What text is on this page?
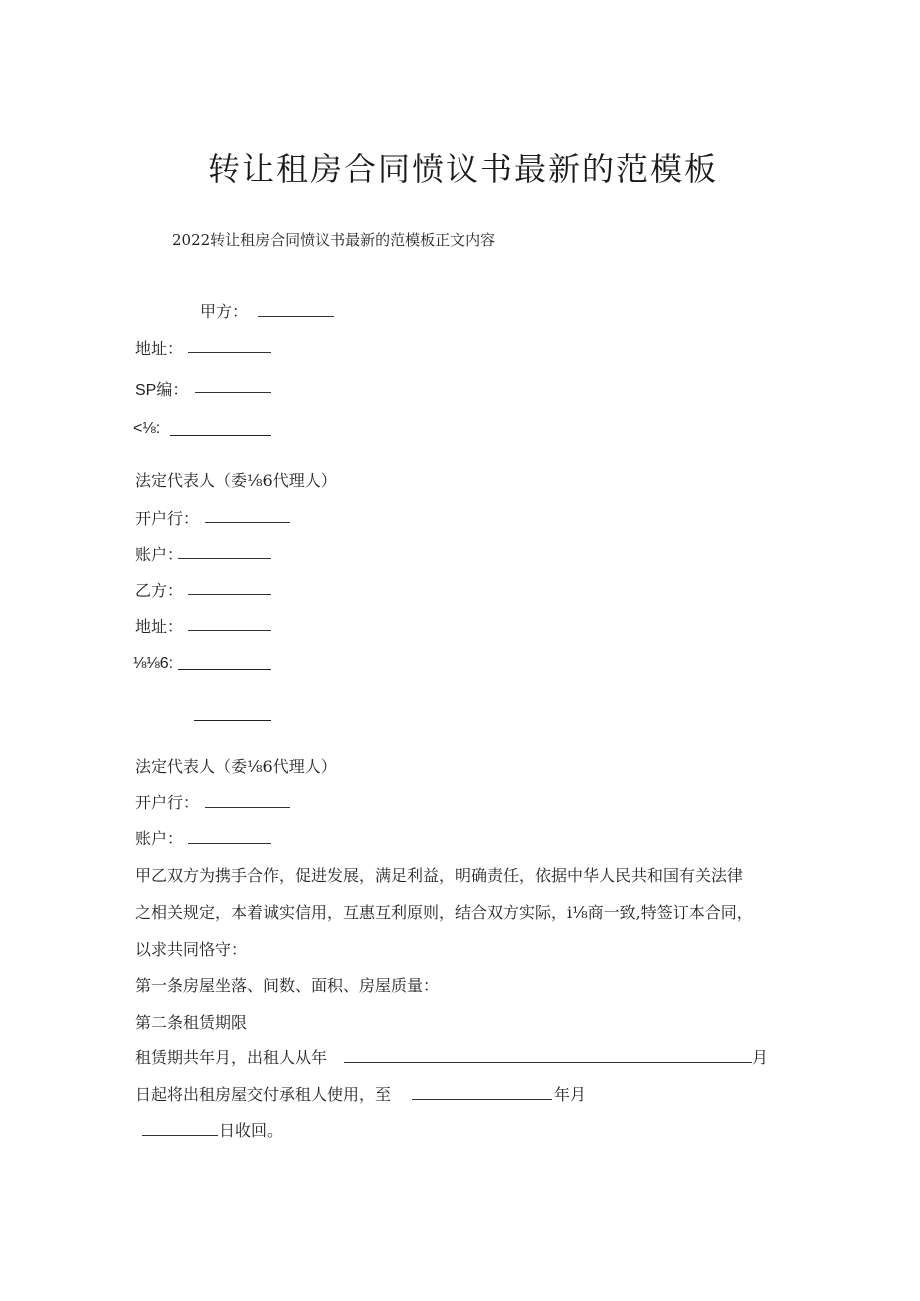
转让租房合同愤议书最新的范模板
2022转让租房合同愤议书最新的范模板正文内容
甲方：
地址：
SP编：
<⅛:
法定代表人（委⅛6代理人）
开户行：
账户：
乙方：
地址：
⅛⅛6:
法定代表人（委⅛6代理人）
开户行：
账户：
甲乙双方为携手合作，促进发展，满足利益，明确责任，依据中华人民共和国有关法律
之相关规定，本着诚实信用，互惠互利原则，结合双方实际，i⅛商一致,特签订本合同，
以求共同恪守：
第一条房屋坐落、间数、面积、房屋质量：
第二条租赁期限
租赁期共年月，出租人从年	月
日起将出租房屋交付承租人使用，至	年月
日收回。
